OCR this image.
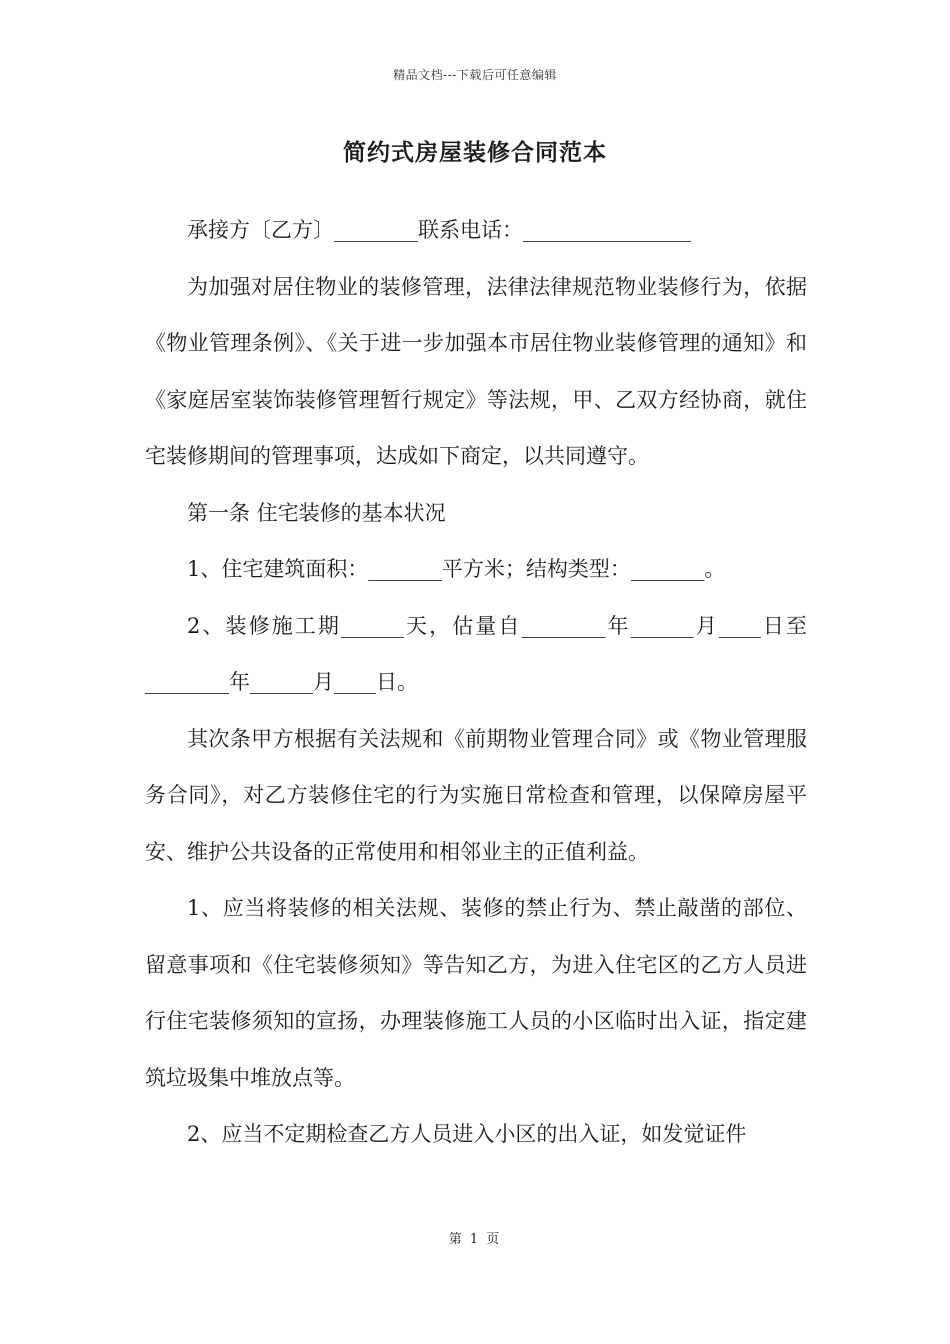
精品文档---下载后可任意编辑
简约式房屋装修合同范本

承接方〔乙方〕________联系电话：________________

为加强对居住物业的装修管理，法律法律规范物业装修行为，依据《物业管理条例》、《关于进一步加强本市居住物业装修管理的通知》和《家庭居室装饰装修管理暂行规定》等法规，甲、乙双方经协商，就住宅装修期间的管理事项，达成如下商定，以共同遵守。

第一条 住宅装修的基本状况

1、住宅建筑面积：_______平方米；结构类型：_______。

2、装修施工期______天，估量自________年______月____日至________年______月____日。

其次条甲方根据有关法规和《前期物业管理合同》或《物业管理服务合同》，对乙方装修住宅的行为实施日常检查和管理，以保障房屋平安、维护公共设备的正常使用和相邻业主的正值利益。

1、应当将装修的相关法规、装修的禁止行为、禁止敲凿的部位、留意事项和《住宅装修须知》等告知乙方，为进入住宅区的乙方人员进行住宅装修须知的宣扬，办理装修施工人员的小区临时出入证，指定建筑垃圾集中堆放点等。

2、应当不定期检查乙方人员进入小区的出入证，如发觉证件

第 1 页
